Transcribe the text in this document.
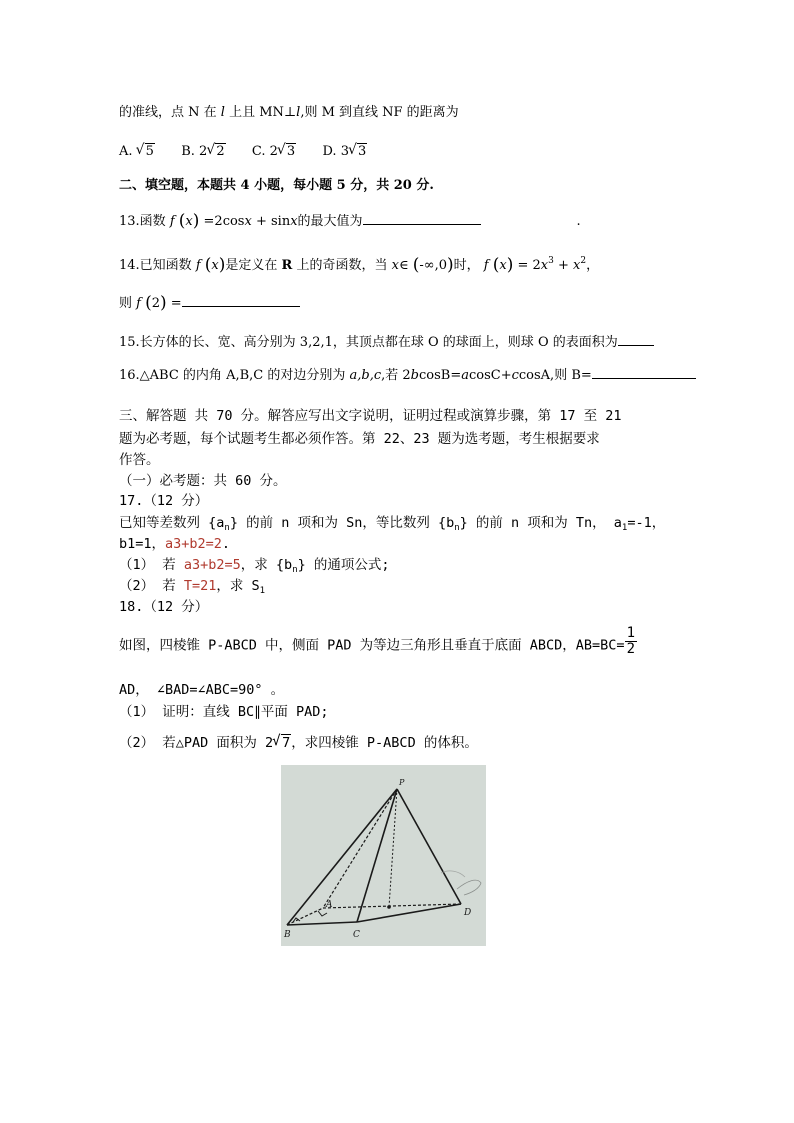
的准线，点 N 在 l 上且 MN⊥l,则 M 到直线 NF 的距离为
A. √ 5 B. 2 √ 2 C. 2 √ 3 D. 3 √ 3
二、填空题，本题共 4 小题，每小题 5 分，共 20 分.
13.函数 f (x) =2cosx + sinx的最大值为	.
14.已知函数 f (x)是定义在 R 上的奇函数，当 x∈ (-∞,0)时， f $(x) = 2x^3 + x^2$，
则 f (2) =
15.长方体的长、宽、高分别为 3,2,1，其顶点都在球 O 的球面上，则球 O 的表面积为
16.△ABC 的内角 A,B,C 的对边分别为 a,b,c,若 2bcosB=acosC+ccosA,则 B=
三、解答题 共 70 分。解答应写出文字说明，证明过程或演算步骤，第 17 至 21
题为必考题，每个试题考生都必须作答。第 22、23 题为选考题，考生根据要求
作答。
（一）必考题：共 60 分。
17.（12 分）
已知等差数列 $\{a_n\}$ 的前 n 项和为 Sn，等比数列 $\{b_n\}$ 的前 n 项和为 Tn， $a_1=-1$，
b1=1，a3+b2=2.
（1） 若 a3+b2=5，求 $\{b_n\}$ 的通项公式;
（2） 若 T=21，求 $S_1$
18.（12 分）
如图，四棱锥 P-ABCD 中，侧面 PAD 为等边三角形且垂直于底面 ABCD，$AB=BC= \frac{1}{2}$
AD， ∠BAD=∠ABC=90° 。
（1） 证明：直线 BC∥平面 PAD;
（2） 若△PAD 面积为 2 √ 7，求四棱锥 P-ABCD 的体积。
P
A
B	C
D
